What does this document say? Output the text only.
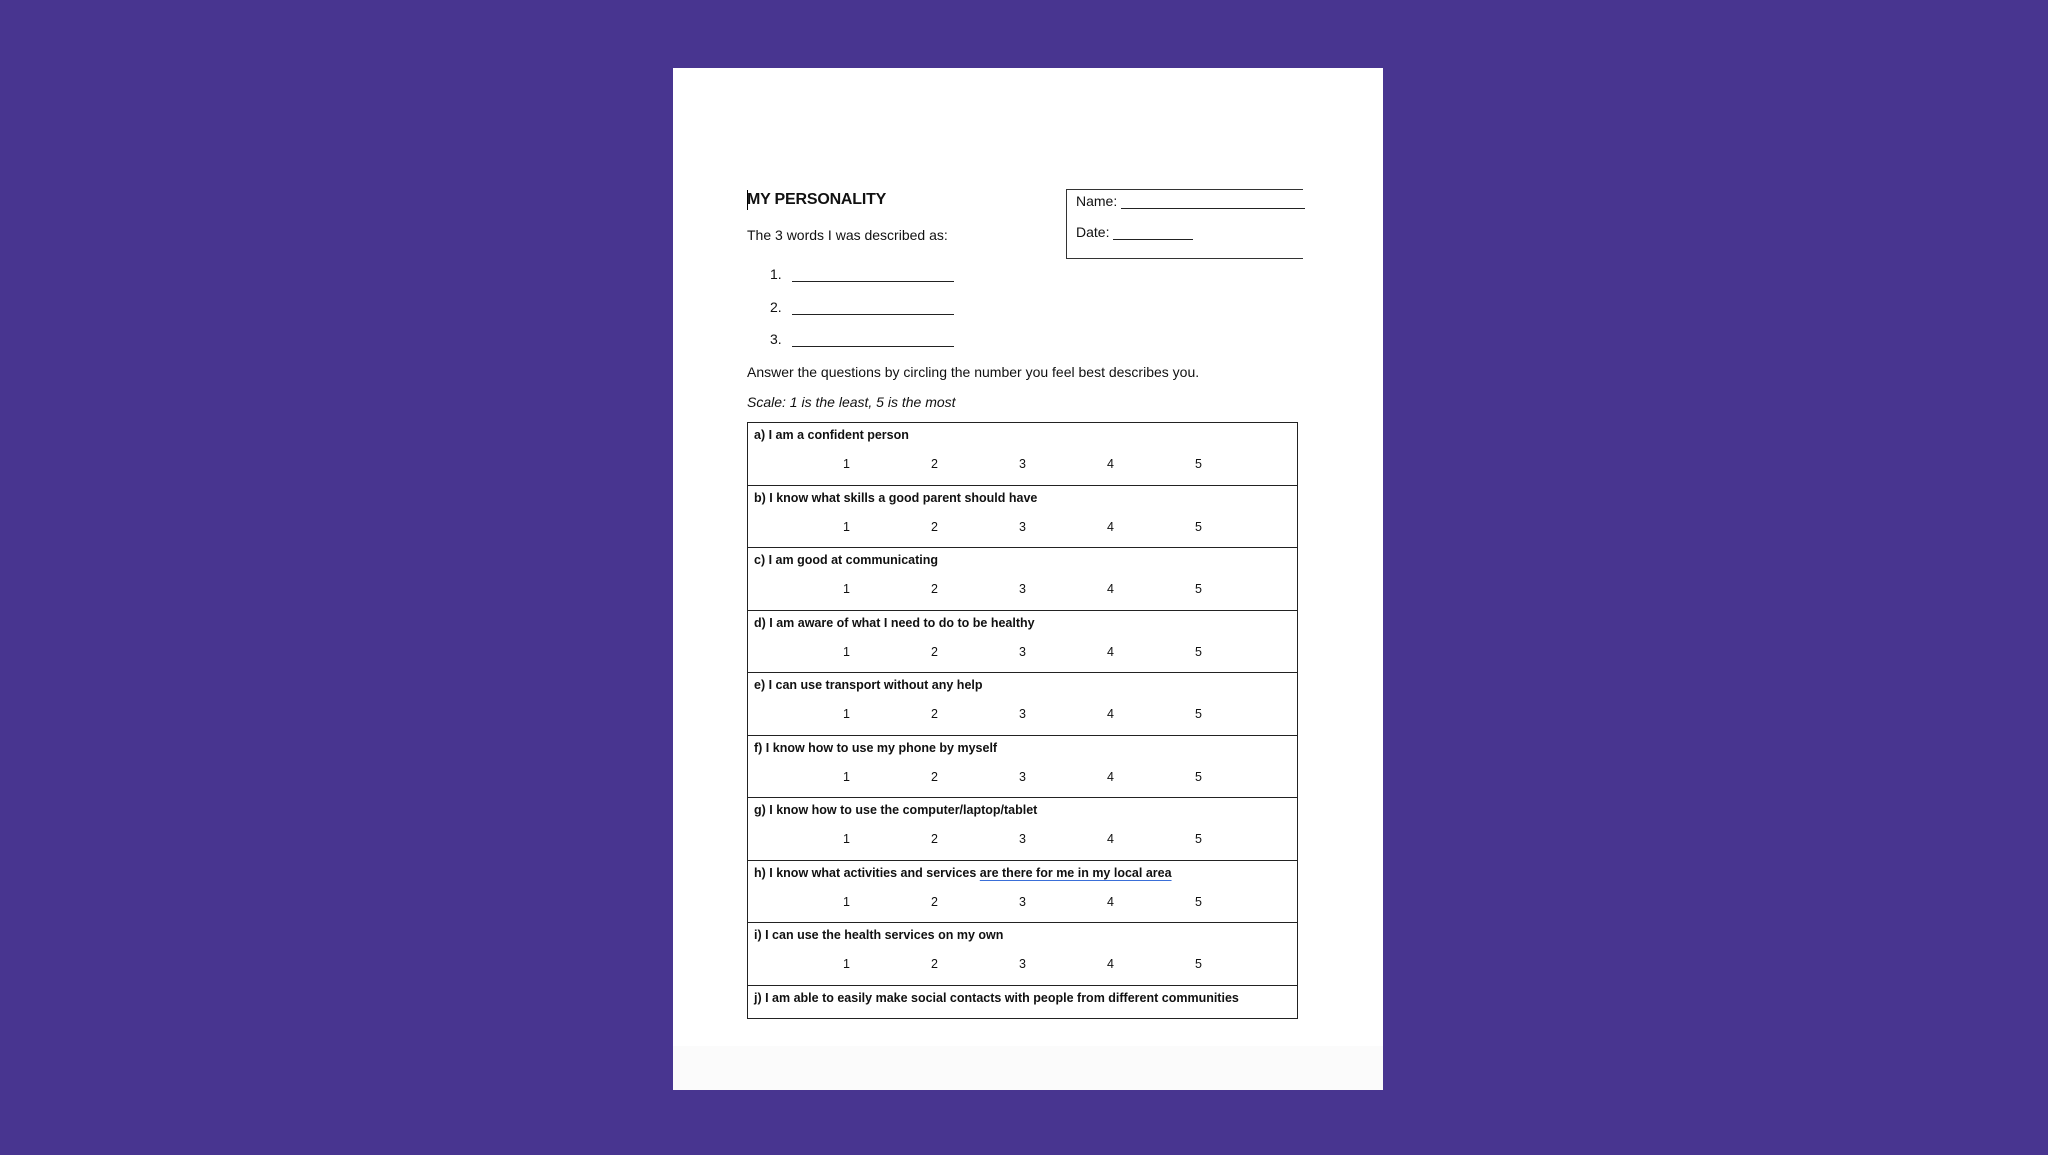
MY PERSONALITY
The 3 words I was described as:
1.
2.
3.
Name:
Date:
Answer the questions by circling the number you feel best describes you.
Scale: 1 is the least, 5 is the most
a) I am a confident person
1	2	3	4	5
b) I know what skills a good parent should have
1	2	3	4	5
c) I am good at communicating
1	2	3	4	5
d) I am aware of what I need to do to be healthy
1	2	3	4	5
e) I can use transport without any help
1	2	3	4	5
f) I know how to use my phone by myself
1	2	3	4	5
g) I know how to use the computer/laptop/tablet
1	2	3	4	5
h) I know what activities and services are there for me in my local area
1	2	3	4	5
i) I can use the health services on my own
1	2	3	4	5
j) I am able to easily make social contacts with people from different communities
